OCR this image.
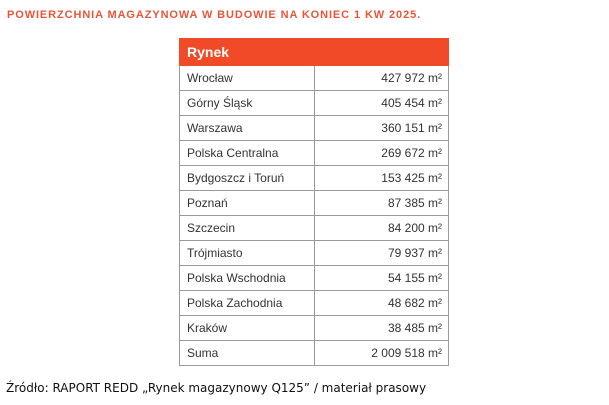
POWIERZCHNIA MAGAZYNOWA W BUDOWIE NA KONIEC 1 KW 2025.
Rynek	
Wrocław	427 972 m²
Górny Śląsk	405 454 m²
Warszawa	360 151 m²
Polska Centralna	269 672 m²
Bydgoszcz i Toruń	153 425 m²
Poznań	87 385 m²
Szczecin	84 200 m²
Trójmiasto	79 937 m²
Polska Wschodnia	54 155 m²
Polska Zachodnia	48 682 m²
Kraków	38 485 m²
Suma	2 009 518 m²
Źródło: RAPORT REDD „Rynek magazynowy Q125” / materiał prasowy
